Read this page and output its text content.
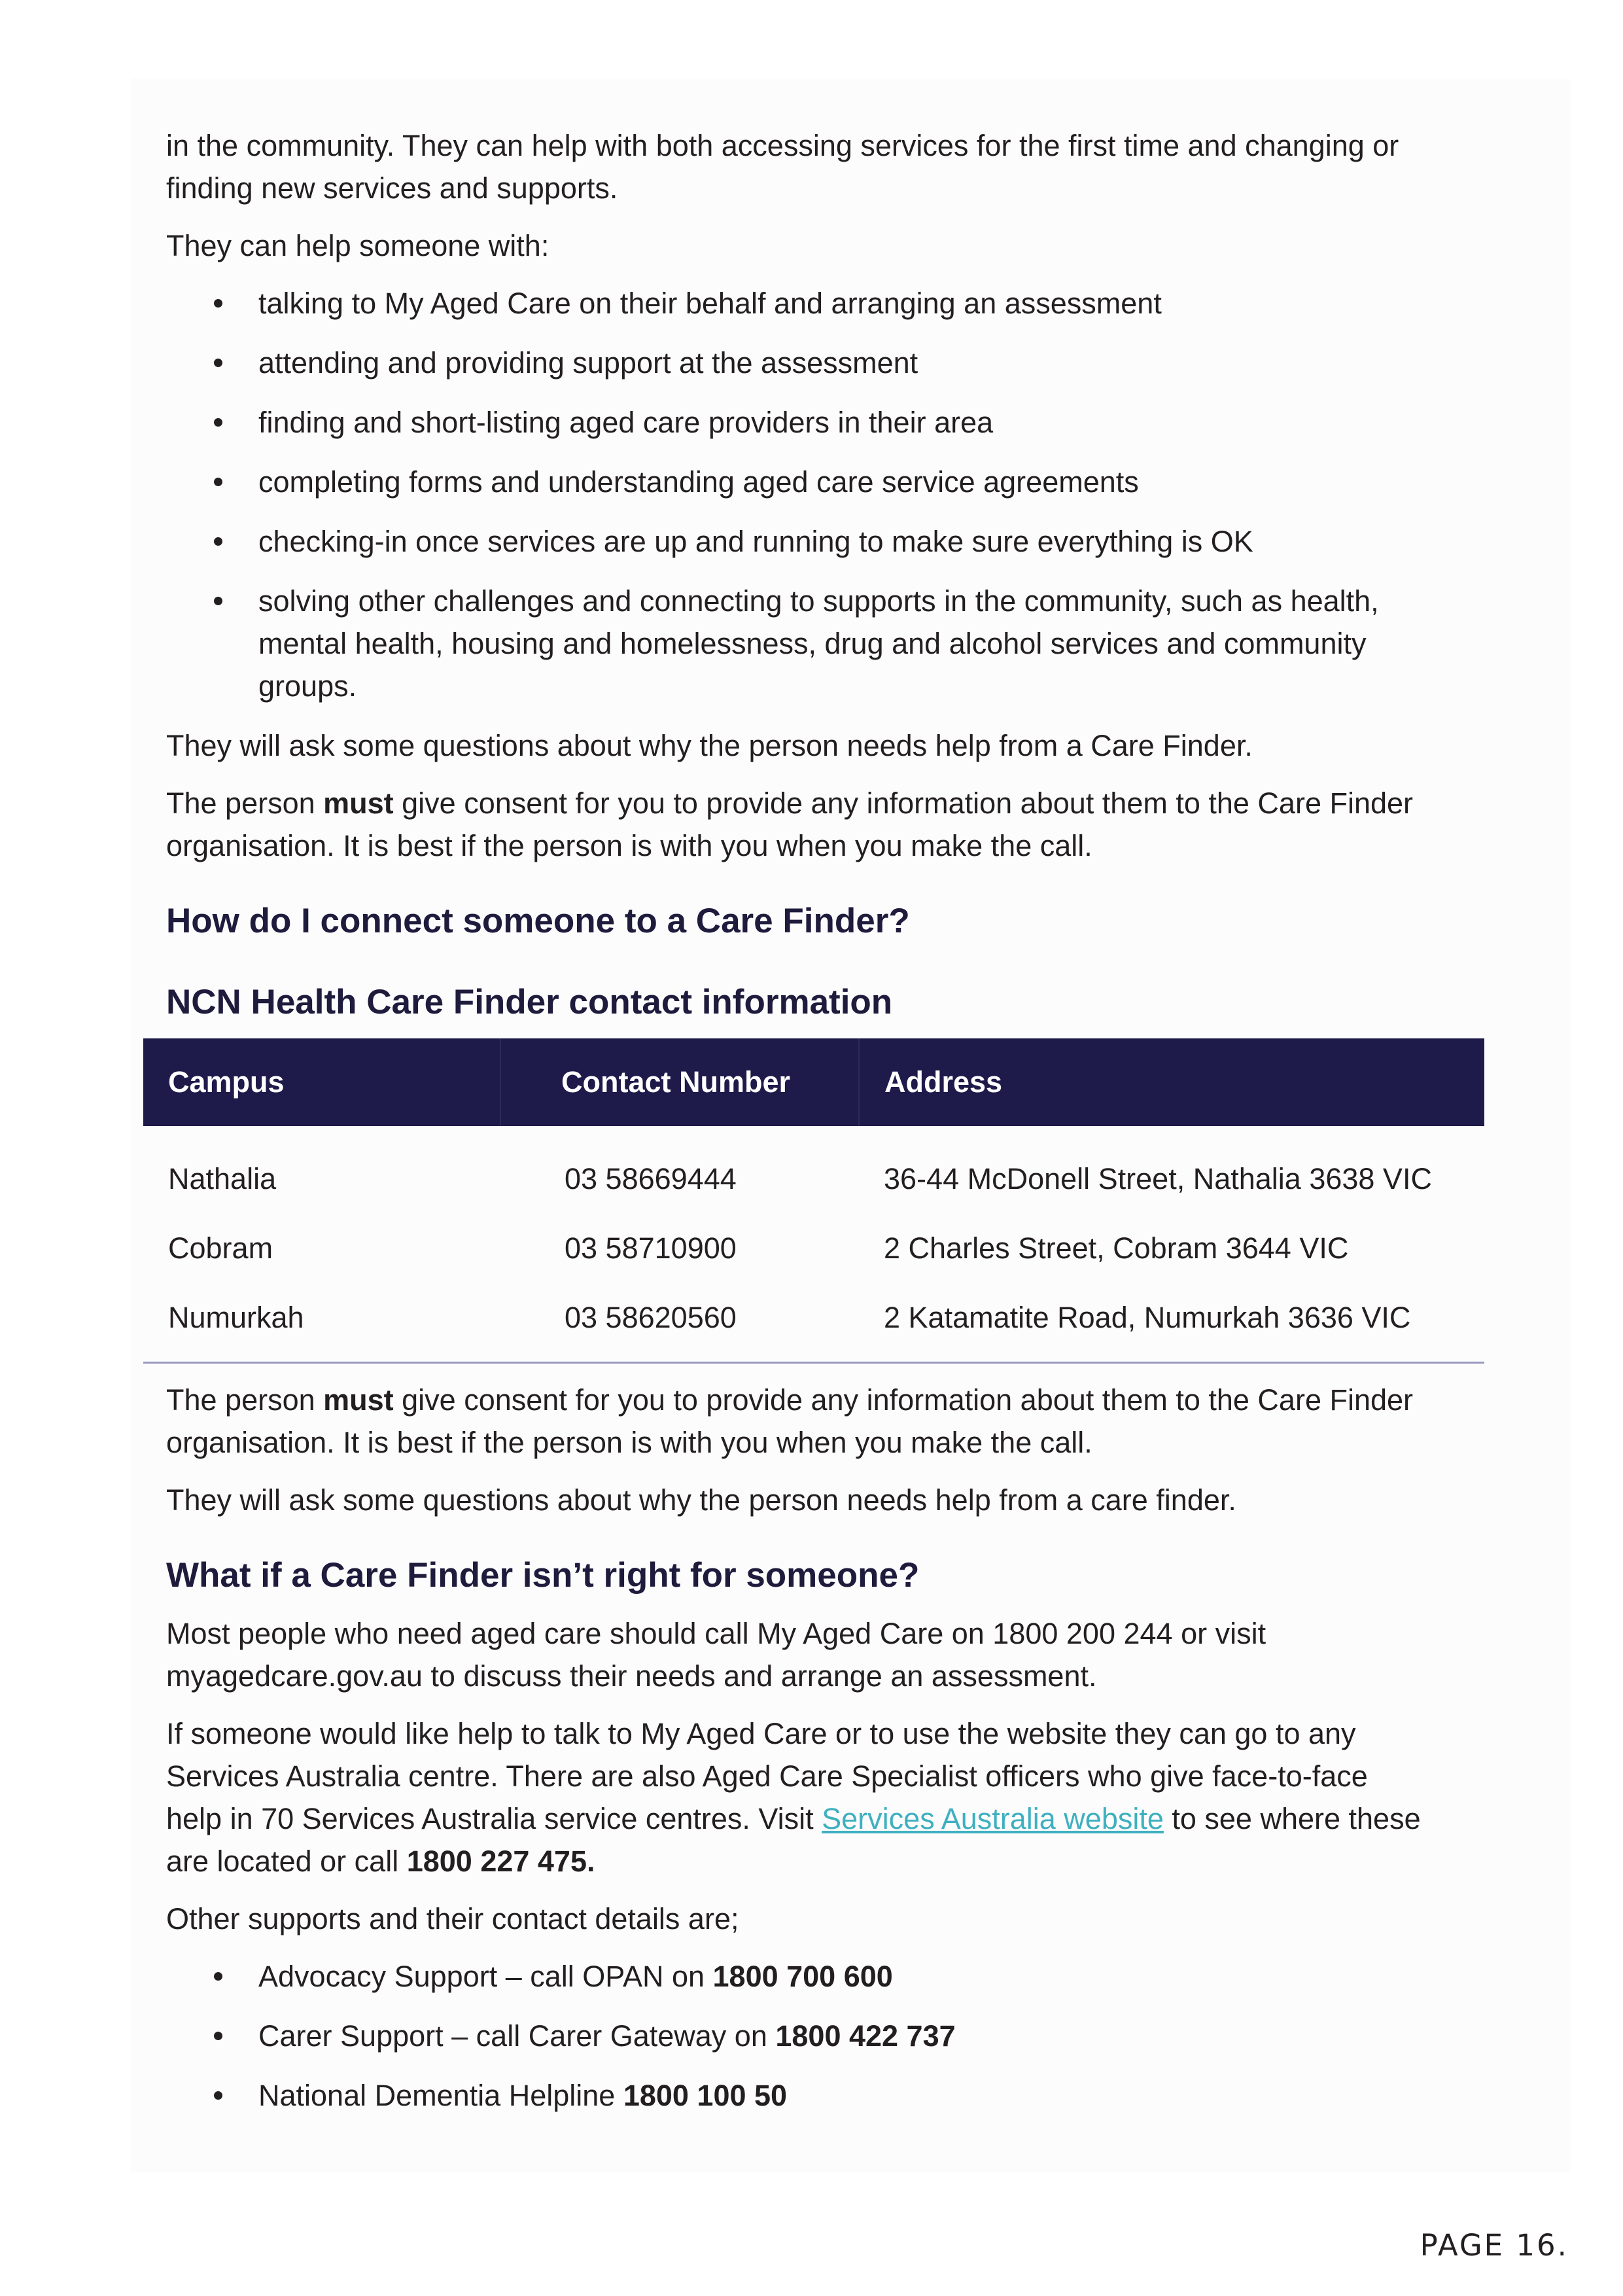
in the community. They can help with both accessing services for the first time and changing or
finding new services and supports.

They can help someone with:

talking to My Aged Care on their behalf and arranging an assessment
attending and providing support at the assessment
finding and short-listing aged care providers in their area
completing forms and understanding aged care service agreements
checking-in once services are up and running to make sure everything is OK
solving other challenges and connecting to supports in the community, such as health, mental health, housing and homelessness, drug and alcohol services and community groups.

They will ask some questions about why the person needs help from a Care Finder.

The person must give consent for you to provide any information about them to the Care Finder organisation. It is best if the person is with you when you make the call.

How do I connect someone to a Care Finder?
NCN Health Care Finder contact information
Campus	Contact Number	Address
Nathalia	03 58669444	36-44 McDonell Street, Nathalia 3638 VIC
Cobram	03 58710900	2 Charles Street, Cobram 3644 VIC
Numurkah	03 58620560	2 Katamatite Road, Numurkah 3636 VIC

The person must give consent for you to provide any information about them to the Care Finder organisation. It is best if the person is with you when you make the call.

They will ask some questions about why the person needs help from a care finder.

What if a Care Finder isn’t right for someone?

Most people who need aged care should call My Aged Care on 1800 200 244 or visit myagedcare.gov.au to discuss their needs and arrange an assessment.

If someone would like help to talk to My Aged Care or to use the website they can go to any Services Australia centre. There are also Aged Care Specialist officers who give face-to-face help in 70 Services Australia service centres. Visit Services Australia website to see where these are located or call 1800 227 475.

Other supports and their contact details are;

Advocacy Support – call OPAN on 1800 700 600
Carer Support – call Carer Gateway on 1800 422 737
National Dementia Helpline 1800 100 50
PAGE 16.
